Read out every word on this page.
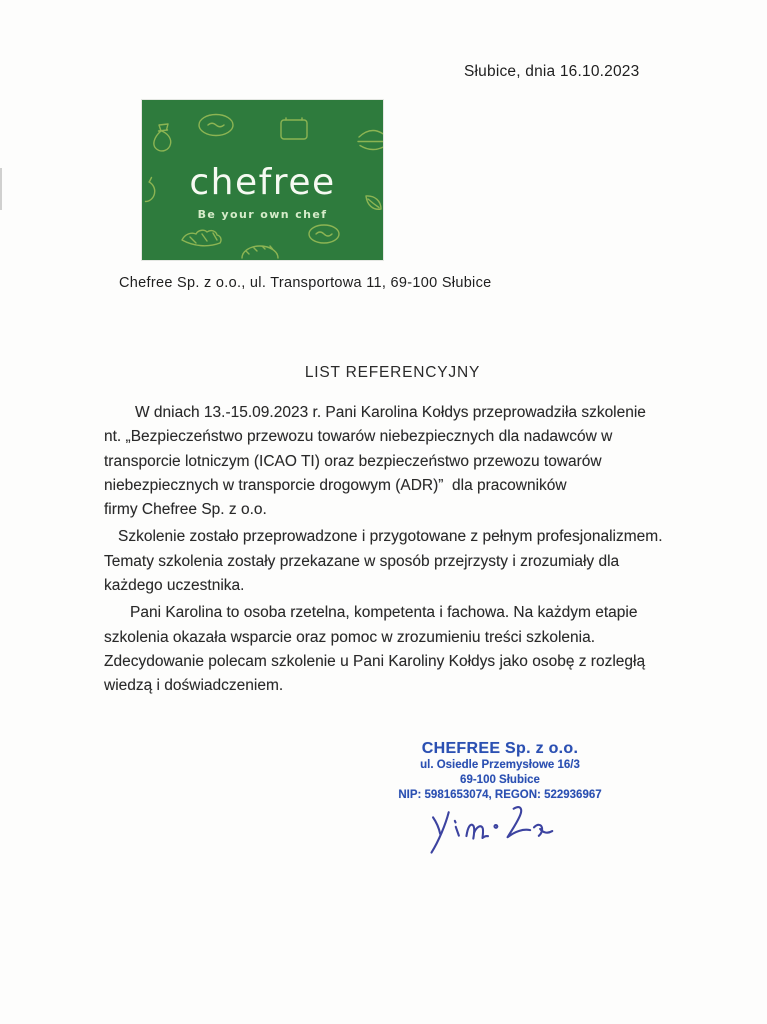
Słubice, dnia 16.10.2023
chefree
Be your own chef
Chefree Sp. z o.o., ul. Transportowa 11, 69-100 Słubice
LIST REFERENCYJNY
W dniach 13.-15.09.2023 r. Pani Karolina Kołdys przeprowadziła szkolenie
nt. „Bezpieczeństwo przewozu towarów niebezpiecznych dla nadawców w
transporcie lotniczym (ICAO TI) oraz bezpieczeństwo przewozu towarów
niebezpiecznych w transporcie drogowym (ADR)”  dla pracowników
firmy Chefree Sp. z o.o.
Szkolenie zostało przeprowadzone i przygotowane z pełnym profesjonalizmem.
Tematy szkolenia zostały przekazane w sposób przejrzysty i zrozumiały dla
każdego uczestnika.
Pani Karolina to osoba rzetelna, kompetenta i fachowa. Na każdym etapie
szkolenia okazała wsparcie oraz pomoc w zrozumieniu treści szkolenia.
Zdecydowanie polecam szkolenie u Pani Karoliny Kołdys jako osobę z rozległą
wiedzą i doświadczeniem.
CHEFREE Sp. z o.o.
ul. Osiedle Przemysłowe 16/3
69-100 Słubice
NIP: 5981653074, REGON: 522936967
